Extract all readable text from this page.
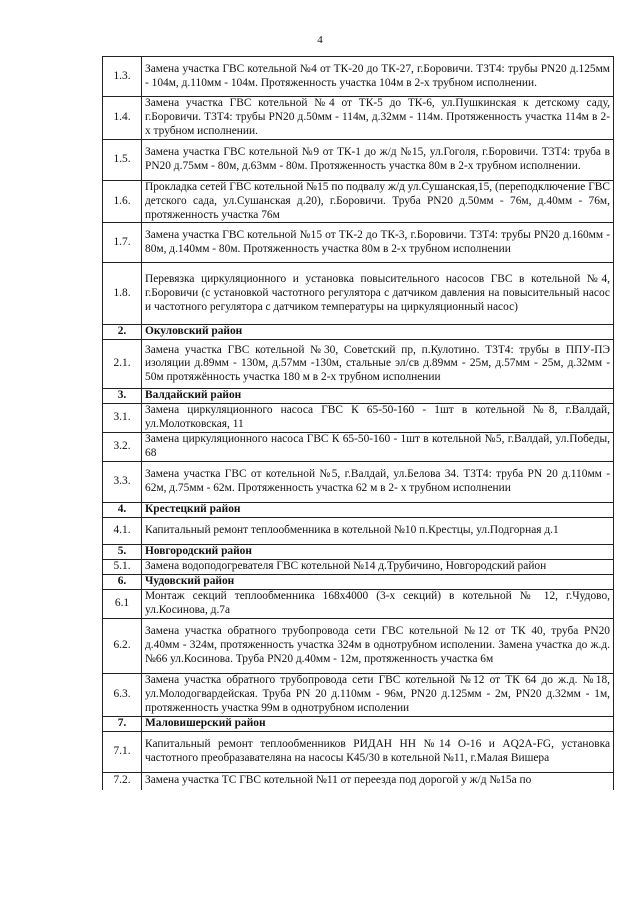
4
1.3.	Замена участка ГВС котельной №4 от ТК-20 до ТК-27, г.Боровичи. Т3Т4: трубы PN20 д.125мм - 104м, д.110мм - 104м. Протяженность участка 104м в 2-х трубном исполнении.
1.4.	Замена участка ГВС котельной №4 от ТК-5 до ТК-6, ул.Пушкинская к детскому саду, г.Боровичи. Т3Т4: трубы PN20 д.50мм - 114м, д.32мм - 114м. Протяженность участка 114м в 2-х трубном исполнении.
1.5.	Замена участка ГВС котельной №9 от ТК-1 до ж/д №15, ул.Гоголя, г.Боровичи. Т3Т4: труба в PN20 д.75мм - 80м, д.63мм - 80м. Протяженность участка 80м в 2-х трубном исполнении.
1.6.	Прокладка сетей ГВС котельной №15 по подвалу ж/д ул.Сушанская,15, (переподключение ГВС детского сада, ул.Сушанская д.20), г.Боровичи. Труба PN20 д.50мм - 76м, д.40мм - 76м, протяженность участка 76м
1.7.	Замена участка ГВС котельной №15 от ТК-2 до ТК-3, г.Боровичи. Т3Т4: трубы PN20 д.160мм - 80м, д.140мм - 80м. Протяженность участка 80м в 2-х трубном исполнении
1.8.	Перевязка циркуляционного и установка повысительного насосов ГВС в котельной №4, г.Боровичи (с установкой частотного регулятора с датчиком давления на повысительный насос и частотного регулятора с датчиком температуры на циркуляционный насос)
2.	Окуловский район
2.1.	Замена участка ГВС котельной №30, Советский пр, п.Кулотино. Т3Т4: трубы в ППУ-ПЭ изоляции д.89мм - 130м, д.57мм -130м, стальные эл/св д.89мм - 25м, д.57мм - 25м, д.32мм - 50м протяжённость участка 180 м в 2-х трубном исполнении
3.	Валдайский район
3.1.	Замена циркуляционного насоса ГВС К 65-50-160 - 1шт в котельной №8, г.Валдай, ул.Молотковская, 11
3.2.	Замена циркуляционного насоса ГВС К 65-50-160 - 1шт в котельной №5, г.Валдай, ул.Победы, 68
3.3.	Замена участка ГВС от котельной №5, г.Валдай, ул.Белова 34. Т3Т4: труба PN 20 д.110мм - 62м, д.75мм - 62м. Протяженность участка 62 м в 2- х трубном исполнении
4.	Крестецкий район
4.1.	Капитальный ремонт теплообменника в котельной №10 п.Крестцы, ул.Подгорная д.1
5.	Новгородский район
5.1.	Замена водоподогревателя ГВС котельной №14 д.Трубичино, Новгородский район
6.	Чудовский район
6.1	Монтаж секций теплообменника 168х4000 (3-х секций) в котельной № 12, г.Чудово, ул.Косинова, д.7а
6.2.	Замена участка обратного трубопровода сети ГВС котельной №12 от ТК 40, труба PN20 д.40мм - 324м, протяженность участка 324м в однотрубном исполении. Замена участка до ж.д. №66 ул.Косинова. Труба PN20 д.40мм - 12м, протяженность участка 6м
6.3.	Замена участка обратного трубопровода сети ГВС котельной №12 от ТК 64 до ж.д. №18, ул.Молодогвардейская. Труба PN 20 д.110мм - 96м, PN20 д.125мм - 2м, PN20 д.32мм - 1м, протяженность участка 99м в однотрубном исполении
7.	Маловишерский район
7.1.	Капитальный ремонт теплообменников РИДАН НН №14 О-16 и AQ2A-FG, установка частотного преобразавателяна на насосы К45/30 в котельной №11, г.Малая Вишера
7.2.	Замена участка ТС ГВС котельной №11 от переезда под дорогой у ж/д №15а по
